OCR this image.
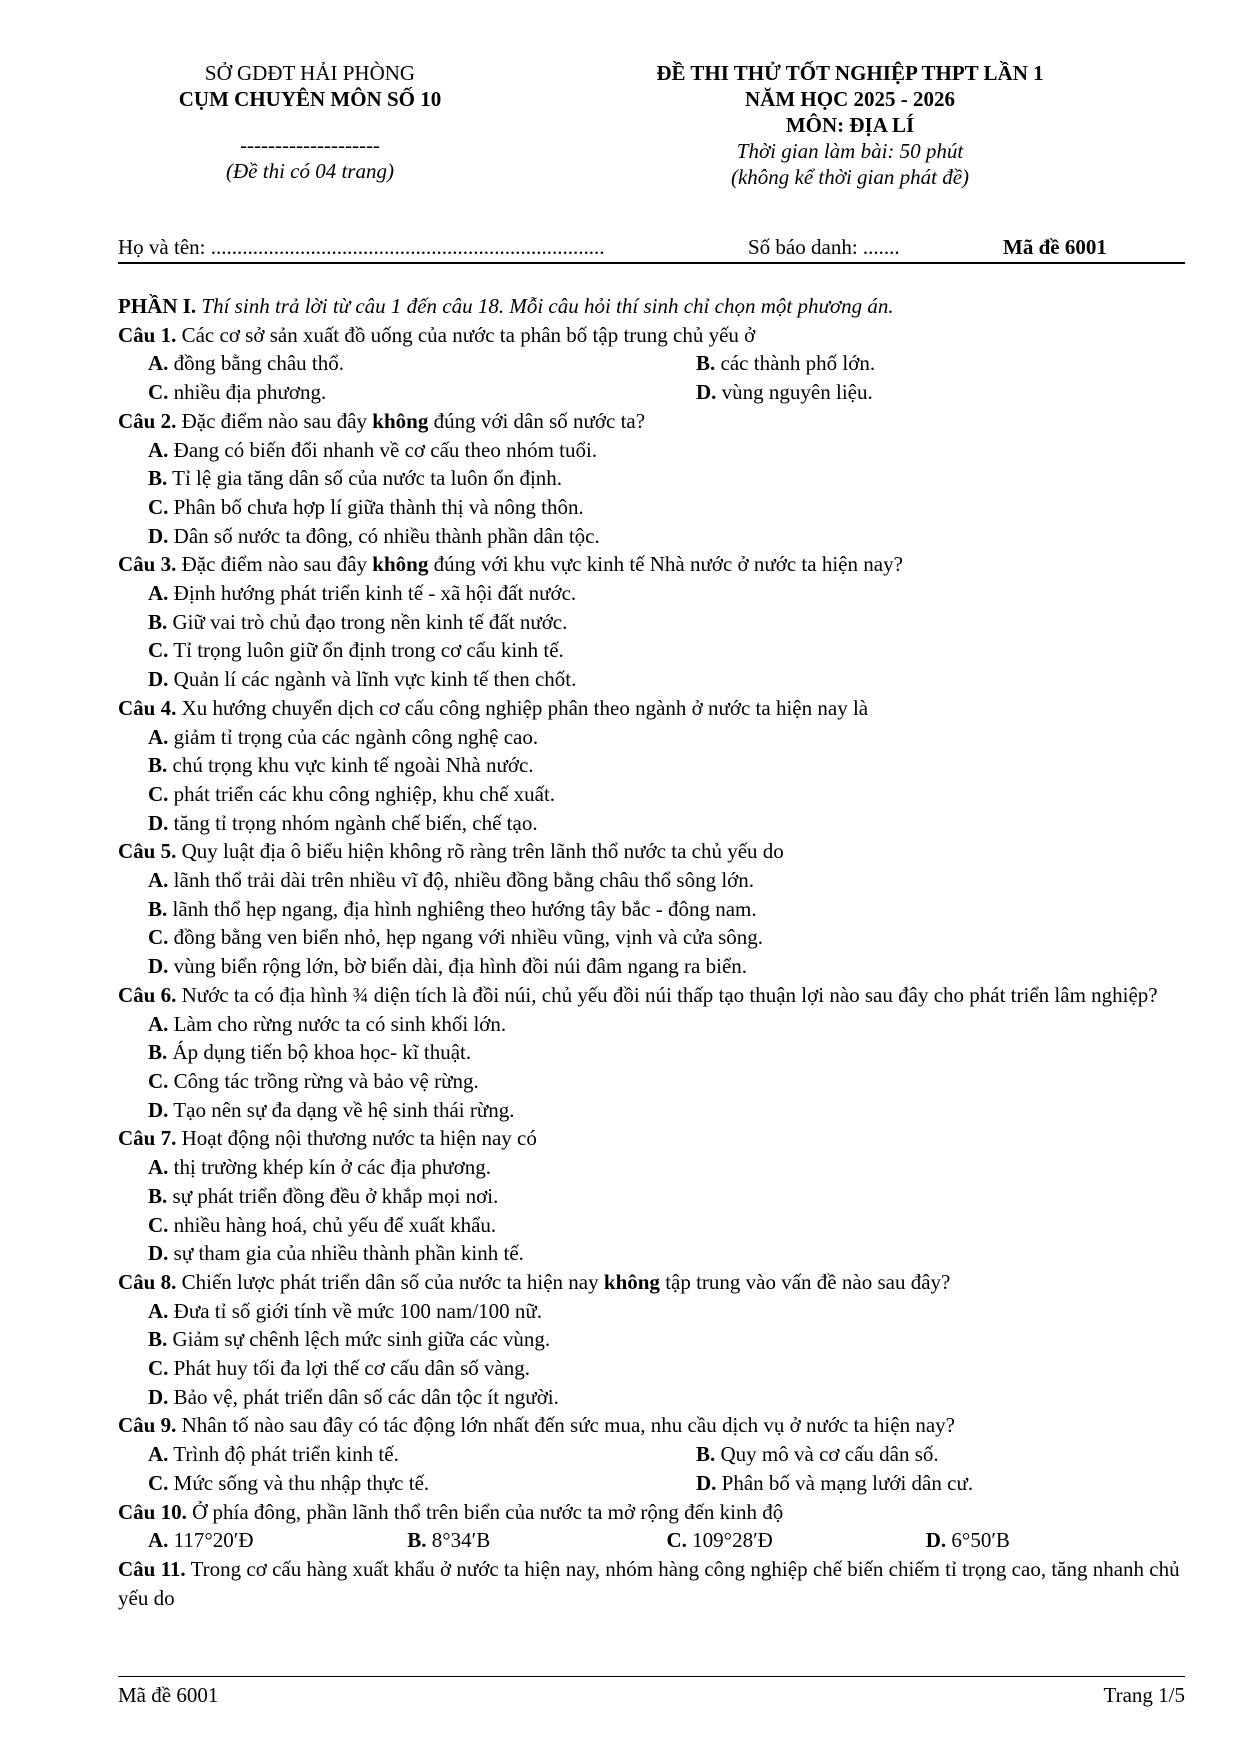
SỞ GDĐT HẢI PHÒNG
CỤM CHUYÊN MÔN SỐ 10
--------------------
(Đề thi có 04 trang)
ĐỀ THI THỬ TỐT NGHIỆP THPT LẦN 1
NĂM HỌC 2025 - 2026
MÔN: ĐỊA LÍ
Thời gian làm bài: 50 phút
(không kể thời gian phát đề)
Họ và tên: ...........................................................................	Số báo danh: .......	Mã đề 6001
PHẦN I. Thí sinh trả lời từ câu 1 đến câu 18. Mỗi câu hỏi thí sinh chỉ chọn một phương án.
Câu 1. Các cơ sở sản xuất đồ uống của nước ta phân bố tập trung chủ yếu ở
A. đồng bằng châu thổ.	B. các thành phố lớn.
C. nhiều địa phương.	D. vùng nguyên liệu.
Câu 2. Đặc điểm nào sau đây không đúng với dân số nước ta?
A. Đang có biến đổi nhanh về cơ cấu theo nhóm tuổi.
B. Tỉ lệ gia tăng dân số của nước ta luôn ổn định.
C. Phân bố chưa hợp lí giữa thành thị và nông thôn.
D. Dân số nước ta đông, có nhiều thành phần dân tộc.
Câu 3. Đặc điểm nào sau đây không đúng với khu vực kinh tế Nhà nước ở nước ta hiện nay?
A. Định hướng phát triển kinh tế - xã hội đất nước.
B. Giữ vai trò chủ đạo trong nền kinh tế đất nước.
C. Tỉ trọng luôn giữ ổn định trong cơ cấu kinh tế.
D. Quản lí các ngành và lĩnh vực kinh tế then chốt.
Câu 4. Xu hướng chuyển dịch cơ cấu công nghiệp phân theo ngành ở nước ta hiện nay là
A. giảm tỉ trọng của các ngành công nghệ cao.
B. chú trọng khu vực kinh tế ngoài Nhà nước.
C. phát triển các khu công nghiệp, khu chế xuất.
D. tăng tỉ trọng nhóm ngành chế biến, chế tạo.
Câu 5. Quy luật địa ô biểu hiện không rõ ràng trên lãnh thổ nước ta chủ yếu do
A. lãnh thổ trải dài trên nhiều vĩ độ, nhiều đồng bằng châu thổ sông lớn.
B. lãnh thổ hẹp ngang, địa hình nghiêng theo hướng tây bắc - đông nam.
C. đồng bằng ven biển nhỏ, hẹp ngang với nhiều vũng, vịnh và cửa sông.
D. vùng biển rộng lớn, bờ biển dài, địa hình đồi núi đâm ngang ra biển.
Câu 6. Nước ta có địa hình ¾ diện tích là đồi núi, chủ yếu đồi núi thấp tạo thuận lợi nào sau đây cho phát triển lâm nghiệp?
A. Làm cho rừng nước ta có sinh khối lớn.
B. Áp dụng tiến bộ khoa học- kĩ thuật.
C. Công tác trồng rừng và bảo vệ rừng.
D. Tạo nên sự đa dạng về hệ sinh thái rừng.
Câu 7. Hoạt động nội thương nước ta hiện nay có
A. thị trường khép kín ở các địa phương.
B. sự phát triển đồng đều ở khắp mọi nơi.
C. nhiều hàng hoá, chủ yếu để xuất khẩu.
D. sự tham gia của nhiều thành phần kinh tế.
Câu 8. Chiến lược phát triển dân số của nước ta hiện nay không tập trung vào vấn đề nào sau đây?
A. Đưa tỉ số giới tính về mức 100 nam/100 nữ.
B. Giảm sự chênh lệch mức sinh giữa các vùng.
C. Phát huy tối đa lợi thế cơ cấu dân số vàng.
D. Bảo vệ, phát triển dân số các dân tộc ít người.
Câu 9. Nhân tố nào sau đây có tác động lớn nhất đến sức mua, nhu cầu dịch vụ ở nước ta hiện nay?
A. Trình độ phát triển kinh tế.	B. Quy mô và cơ cấu dân số.
C. Mức sống và thu nhập thực tế.	D. Phân bố và mạng lưới dân cư.
Câu 10. Ở phía đông, phần lãnh thổ trên biển của nước ta mở rộng đến kinh độ
A. 117°20′Đ	B. 8°34′B	C. 109°28′Đ	D. 6°50′B
Câu 11. Trong cơ cấu hàng xuất khẩu ở nước ta hiện nay, nhóm hàng công nghiệp chế biến chiếm tỉ trọng cao, tăng nhanh chủ yếu do
Mã đề 6001	Trang 1/5
